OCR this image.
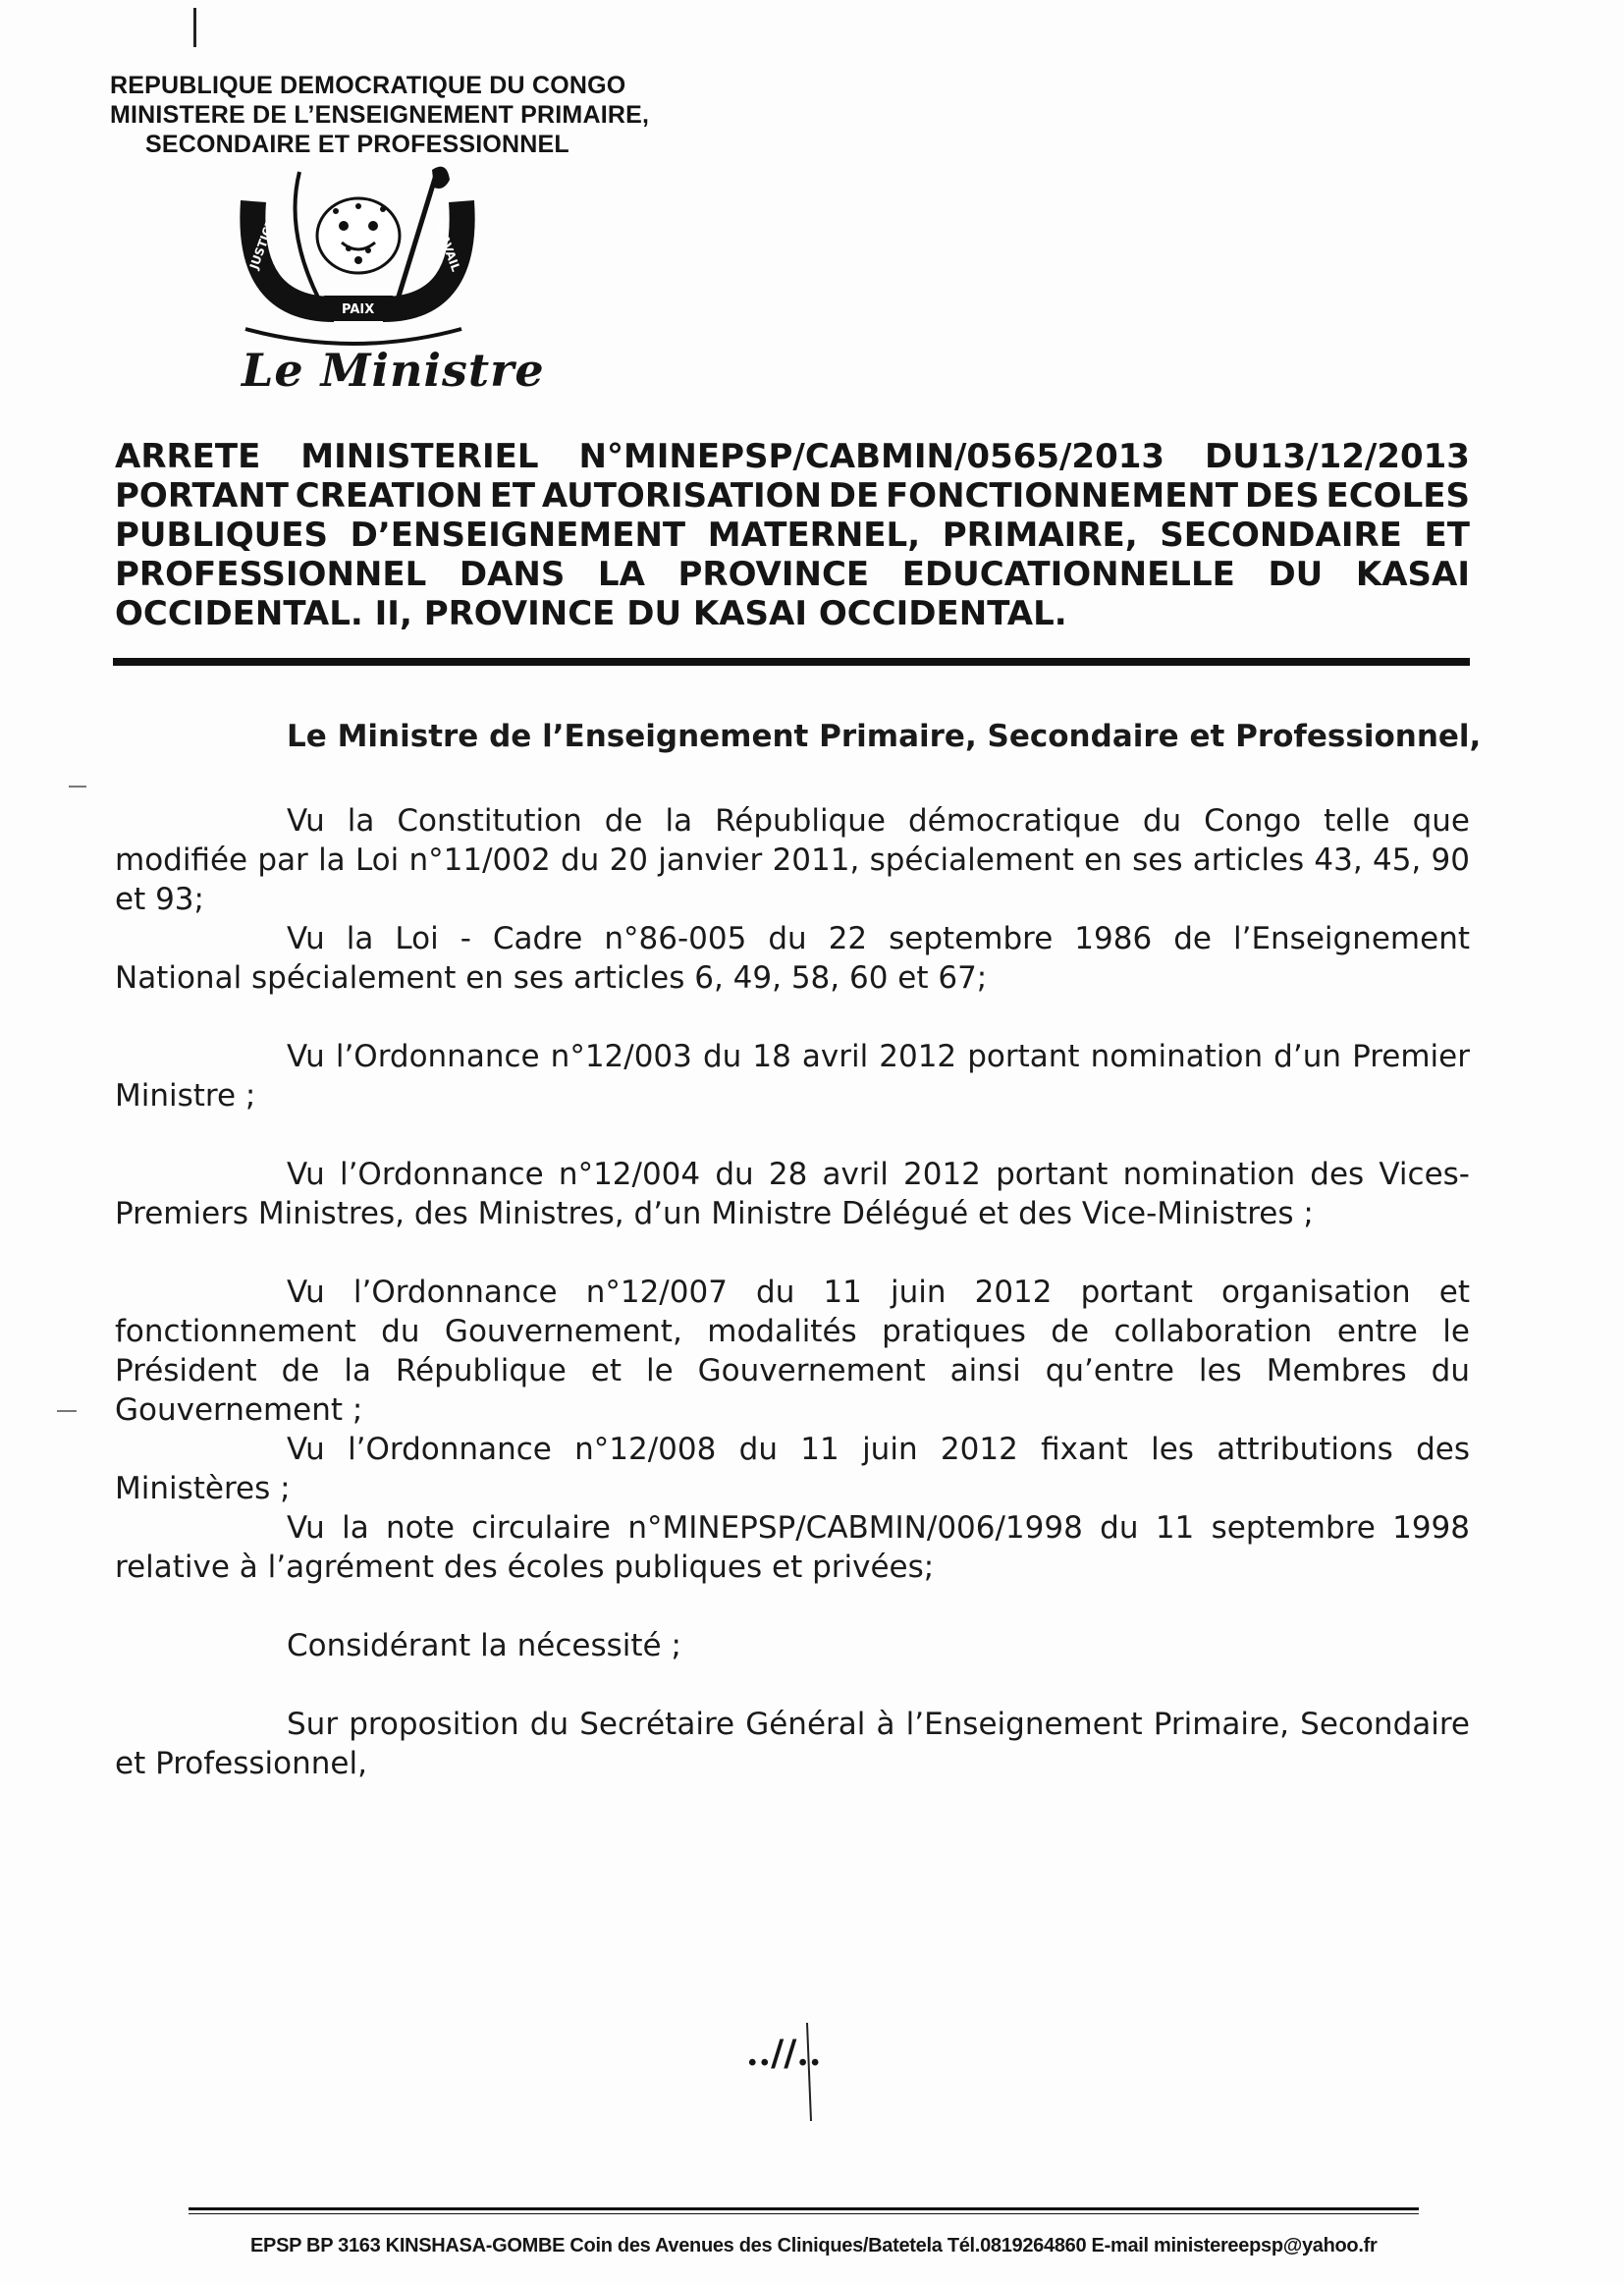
REPUBLIQUE DEMOCRATIQUE DU CONGO
MINISTERE DE L’ENSEIGNEMENT PRIMAIRE,
SECONDAIRE ET PROFESSIONNEL
JUSTICE
PAIX
TRAVAIL
Le Ministre
ARRETE MINISTERIEL N°MINEPSP/CABMIN/0565/2013 DU13/12/2013
PORTANT CREATION ET AUTORISATION DE FONCTIONNEMENT DES ECOLES
PUBLIQUES D’ENSEIGNEMENT MATERNEL, PRIMAIRE, SECONDAIRE ET
PROFESSIONNEL DANS LA PROVINCE EDUCATIONNELLE DU KASAI
OCCIDENTAL. II, PROVINCE DU KASAI OCCIDENTAL.
Le Ministre de l’Enseignement Primaire, Secondaire et Professionnel,
Vu la Constitution de la République démocratique du Congo telle que modifiée par la Loi n°11/002 du 20 janvier 2011, spécialement en ses articles 43, 45, 90 et 93;
Vu la Loi - Cadre n°86-005 du 22 septembre 1986 de l’Enseignement National spécialement en ses articles 6, 49, 58, 60 et 67;
Vu l’Ordonnance n°12/003 du 18 avril 2012 portant nomination d’un Premier Ministre ;
Vu l’Ordonnance n°12/004 du 28 avril 2012 portant nomination des Vices-Premiers Ministres, des Ministres, d’un Ministre Délégué et des Vice-Ministres ;
Vu l’Ordonnance n°12/007 du 11 juin 2012 portant organisation et fonctionnement du Gouvernement, modalités pratiques de collaboration entre le Président de la République et le Gouvernement ainsi qu’entre les Membres du Gouvernement ;
Vu l’Ordonnance n°12/008 du 11 juin 2012 fixant les attributions des Ministères ;
Vu la note circulaire n°MINEPSP/CABMIN/006/1998 du 11 septembre 1998 relative à l’agrément des écoles publiques et privées;
Considérant la nécessité ;
Sur proposition du Secrétaire Général à l’Enseignement Primaire, Secondaire et Professionnel,
..//..
EPSP BP 3163 KINSHASA-GOMBE Coin des Avenues des Cliniques/Batetela Tél.0819264860 E-mail ministereepsp@yahoo.fr
